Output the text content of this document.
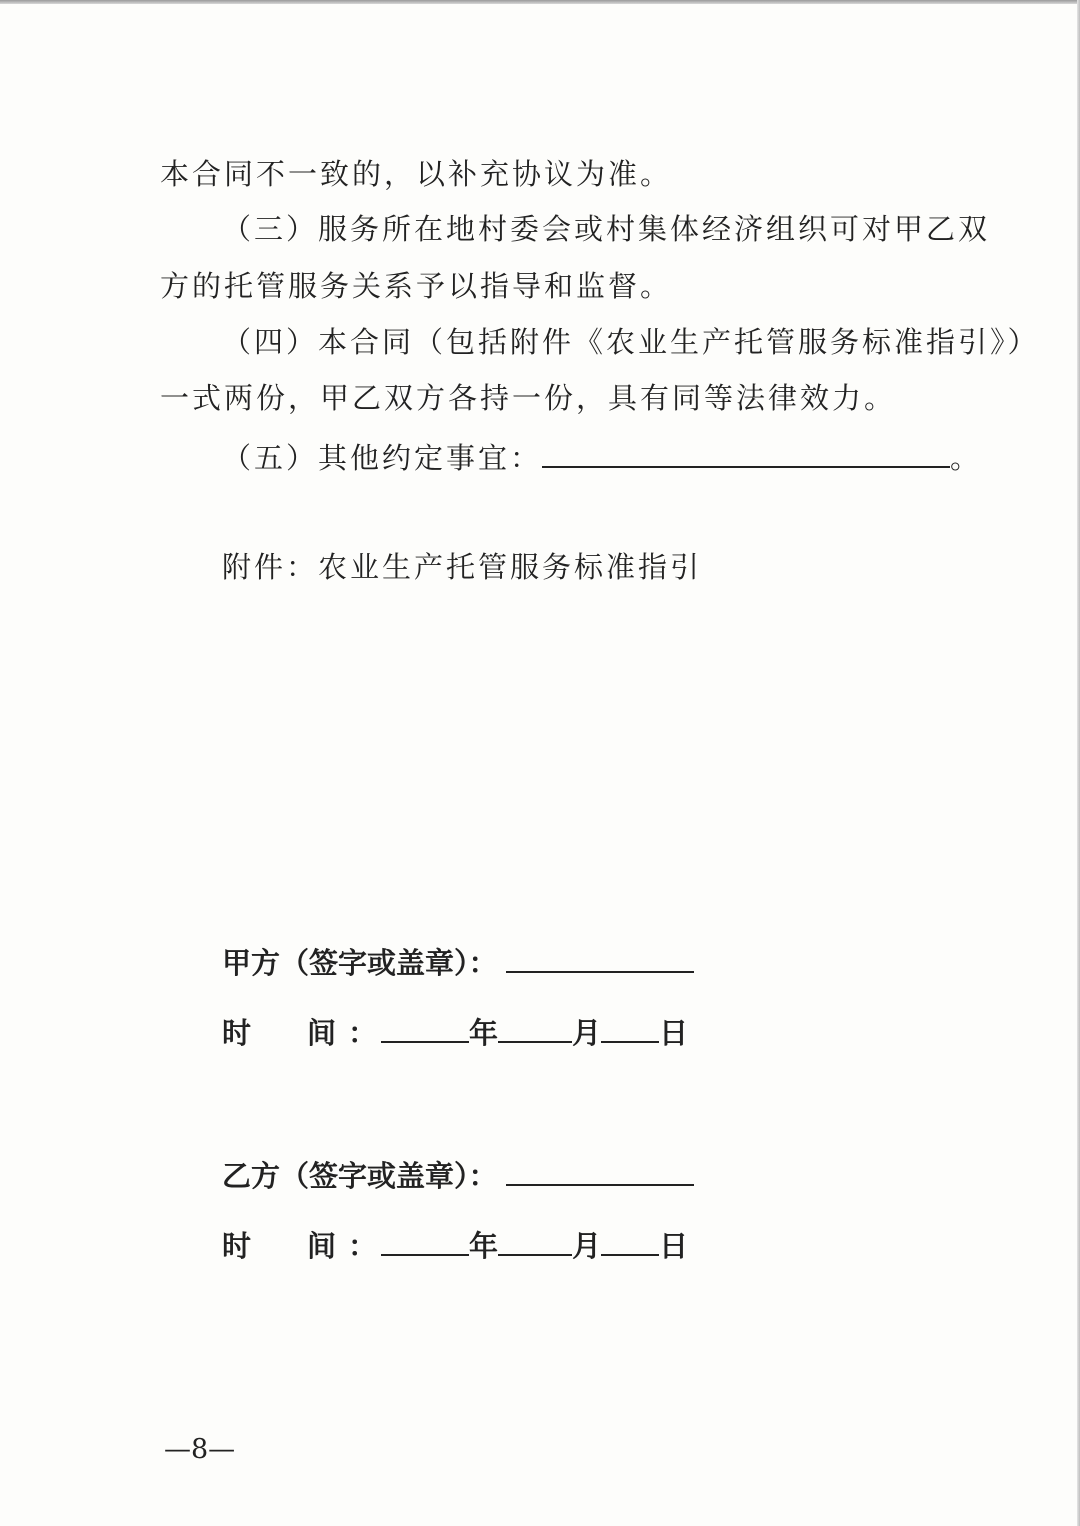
本合同不一致的，以补充协议为准。
（三）服务所在地村委会或村集体经济组织可对甲乙双
方的托管服务关系予以指导和监督。
（四）本合同（包括附件《农业生产托管服务标准指引》）
一式两份，甲乙双方各持一份，具有同等法律效力。
（五）其他约定事宜：	。
附件：农业生产托管服务标准指引
甲方（签字或盖章）：
时 间 ：	年	月 日
乙方（签字或盖章）：
时 间 ：	年	月 日
—8—
